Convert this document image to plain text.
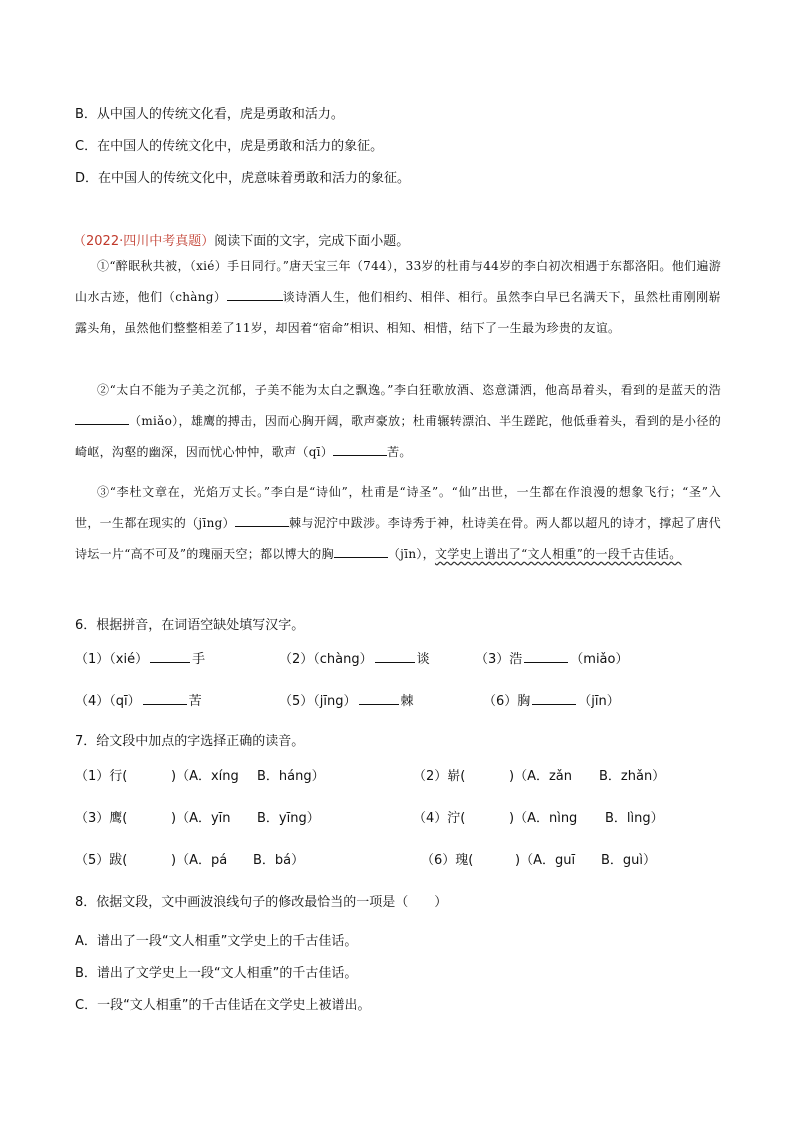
B．从中国人的传统文化看，虎是勇敢和活力。
C．在中国人的传统文化中，虎是勇敢和活力的象征。
D．在中国人的传统文化中，虎意味着勇敢和活力的象征。
（2022·四川中考真题）阅读下面的文字，完成下面小题。
①“醉眠秋共被，（xié）手日同行。”唐天宝三年（744），33岁的杜甫与44岁的李白初次相遇于东都洛阳。他们遍游山水古迹，他们（chàng）	谈诗酒人生，他们相约、相伴、相行。虽然李白早已名满天下，虽然杜甫刚刚崭露头角，虽然他们整整相差了11岁，却因着“宿命”相识、相知、相惜，结下了一生最为珍贵的友谊。
②“太白不能为子美之沉郁，子美不能为太白之飘逸。”李白狂歌放酒、恣意潇洒，他高昂着头，看到的是蓝天的浩（miǎo），雄鹰的搏击，因而心胸开阔，歌声豪放；杜甫辗转漂泊、半生蹉跎，他低垂着头，看到的是小径的崎岖，沟壑的幽深，因而忧心忡忡，歌声（qī）	苦。
③“李杜文章在，光焰万丈长。”李白是“诗仙”，杜甫是“诗圣”。“仙”出世，一生都在作浪漫的想象飞行；“圣”入世，一生都在现实的（jīng）	棘与泥泞中跋涉。李诗秀于神，杜诗美在骨。两人都以超凡的诗才，撑起了唐代诗坛一片“高不可及”的瑰丽天空；都以博大的胸	（jīn），文学史上谱出了“文人相重”的一段千古佳话。
6．根据拼音，在词语空缺处填写汉字。
（1）（xié）	手	（2）（chàng）	谈	（3）浩	（miǎo）
（4）（qī）	苦	（5）（jīng）	棘	（6）胸	（jīn）
7．给文段中加点的字选择正确的读音。
（1）行(	)（A．xíng B．háng）	（2）崭(	)（A．zǎn B．zhǎn）
（3）鹰(	)（A．yīn B．yīng）	（4）泞(	)（A．nìng B．lìng）
（5）跋(	)（A．pá B．bá）	（6）瑰(	)（A．guī B．guì）
8．依据文段，文中画波浪线句子的修改最恰当的一项是（　　）
A．谱出了一段“文人相重”文学史上的千古佳话。
B．谱出了文学史上一段“文人相重”的千古佳话。
C．一段“文人相重”的千古佳话在文学史上被谱出。
